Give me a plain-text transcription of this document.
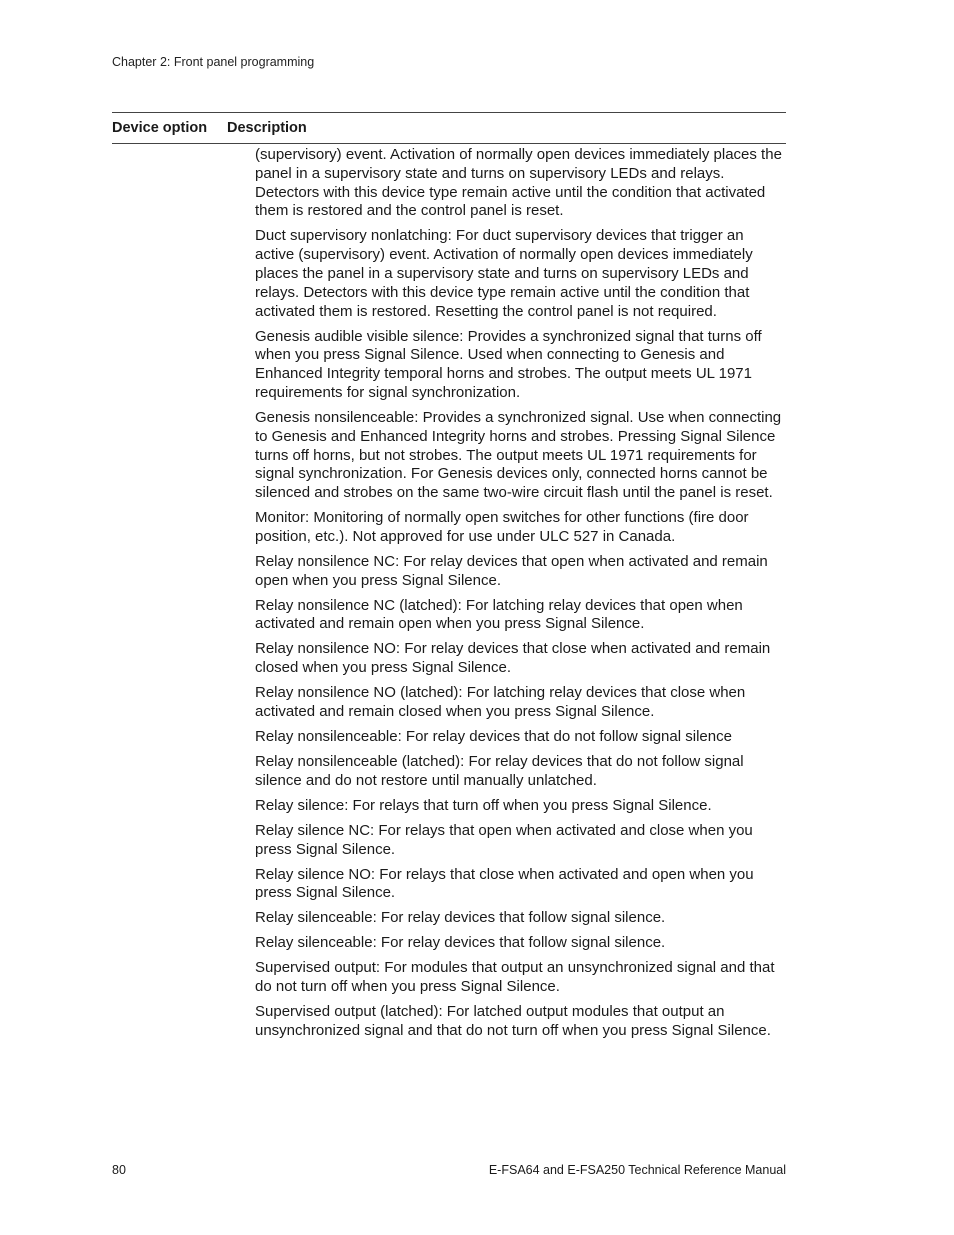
Chapter 2: Front panel programming
Device option	Description

(supervisory) event. Activation of normally open devices immediately places the panel in a supervisory state and turns on supervisory LEDs and relays. Detectors with this device type remain active until the condition that activated them is restored and the control panel is reset.

Duct supervisory nonlatching: For duct supervisory devices that trigger an active (supervisory) event. Activation of normally open devices immediately places the panel in a supervisory state and turns on supervisory LEDs and relays. Detectors with this device type remain active until the condition that activated them is restored. Resetting the control panel is not required.

Genesis audible visible silence: Provides a synchronized signal that turns off when you press Signal Silence. Used when connecting to Genesis and Enhanced Integrity temporal horns and strobes. The output meets UL 1971 requirements for signal synchronization.

Genesis nonsilenceable: Provides a synchronized signal. Use when connecting to Genesis and Enhanced Integrity horns and strobes. Pressing Signal Silence turns off horns, but not strobes. The output meets UL 1971 requirements for signal synchronization. For Genesis devices only, connected horns cannot be silenced and strobes on the same two-wire circuit flash until the panel is reset.

Monitor: Monitoring of normally open switches for other functions (fire door position, etc.). Not approved for use under ULC 527 in Canada.

Relay nonsilence NC: For relay devices that open when activated and remain open when you press Signal Silence.

Relay nonsilence NC (latched): For latching relay devices that open when activated and remain open when you press Signal Silence.

Relay nonsilence NO: For relay devices that close when activated and remain closed when you press Signal Silence.

Relay nonsilence NO (latched): For latching relay devices that close when activated and remain closed when you press Signal Silence.

Relay nonsilenceable: For relay devices that do not follow signal silence

Relay nonsilenceable (latched): For relay devices that do not follow signal silence and do not restore until manually unlatched.

Relay silence: For relays that turn off when you press Signal Silence.

Relay silence NC: For relays that open when activated and close when you press Signal Silence.

Relay silence NO: For relays that close when activated and open when you press Signal Silence.

Relay silenceable: For relay devices that follow signal silence.

Relay silenceable: For relay devices that follow signal silence.

Supervised output: For modules that output an unsynchronized signal and that do not turn off when you press Signal Silence.

Supervised output (latched): For latched output modules that output an unsynchronized signal and that do not turn off when you press Signal Silence.

80	E-FSA64 and E-FSA250 Technical Reference Manual
